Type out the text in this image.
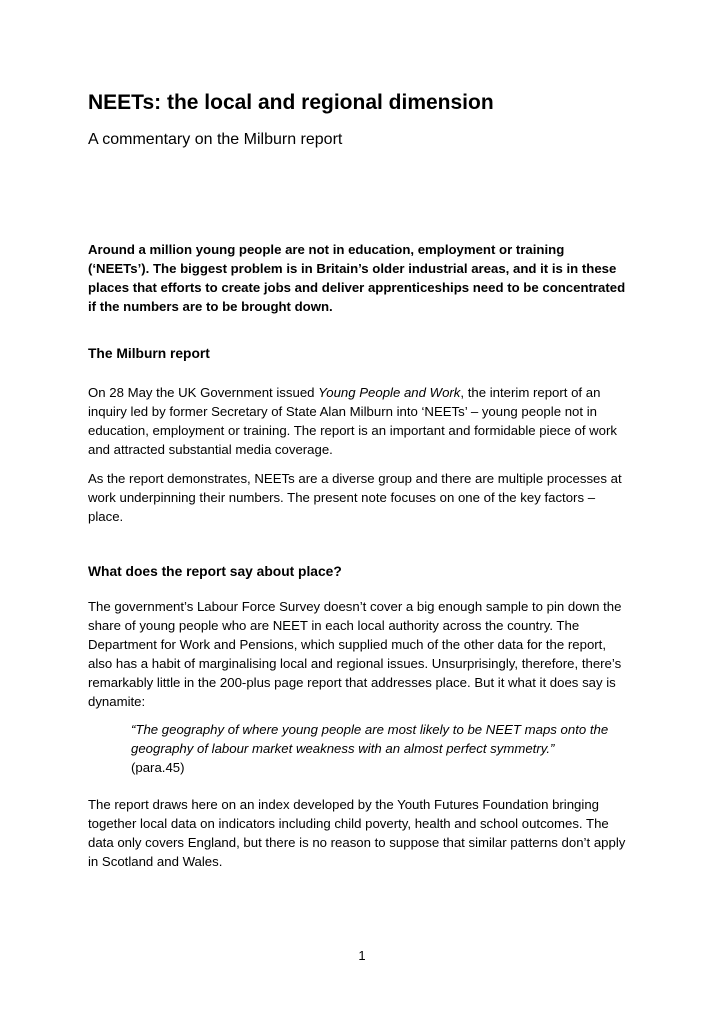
NEETs: the local and regional dimension
A commentary on the Milburn report

Around a million young people are not in education, employment or training
(‘NEETs’). The biggest problem is in Britain’s older industrial areas, and it is in these
places that efforts to create jobs and deliver apprenticeships need to be concentrated
if the numbers are to be brought down.

The Milburn report

On 28 May the UK Government issued Young People and Work, the interim report of an
inquiry led by former Secretary of State Alan Milburn into ‘NEETs’ – young people not in
education, employment or training. The report is an important and formidable piece of work
and attracted substantial media coverage.

As the report demonstrates, NEETs are a diverse group and there are multiple processes at
work underpinning their numbers. The present note focuses on one of the key factors –
place.

What does the report say about place?

The government’s Labour Force Survey doesn’t cover a big enough sample to pin down the
share of young people who are NEET in each local authority across the country. The
Department for Work and Pensions, which supplied much of the other data for the report,
also has a habit of marginalising local and regional issues. Unsurprisingly, therefore, there’s
remarkably little in the 200-plus page report that addresses place. But it what it does say is
dynamite:

“The geography of where young people are most likely to be NEET maps onto the
geography of labour market weakness with an almost perfect symmetry.”
(para.45)

The report draws here on an index developed by the Youth Futures Foundation bringing
together local data on indicators including child poverty, health and school outcomes. The
data only covers England, but there is no reason to suppose that similar patterns don’t apply
in Scotland and Wales.

1
